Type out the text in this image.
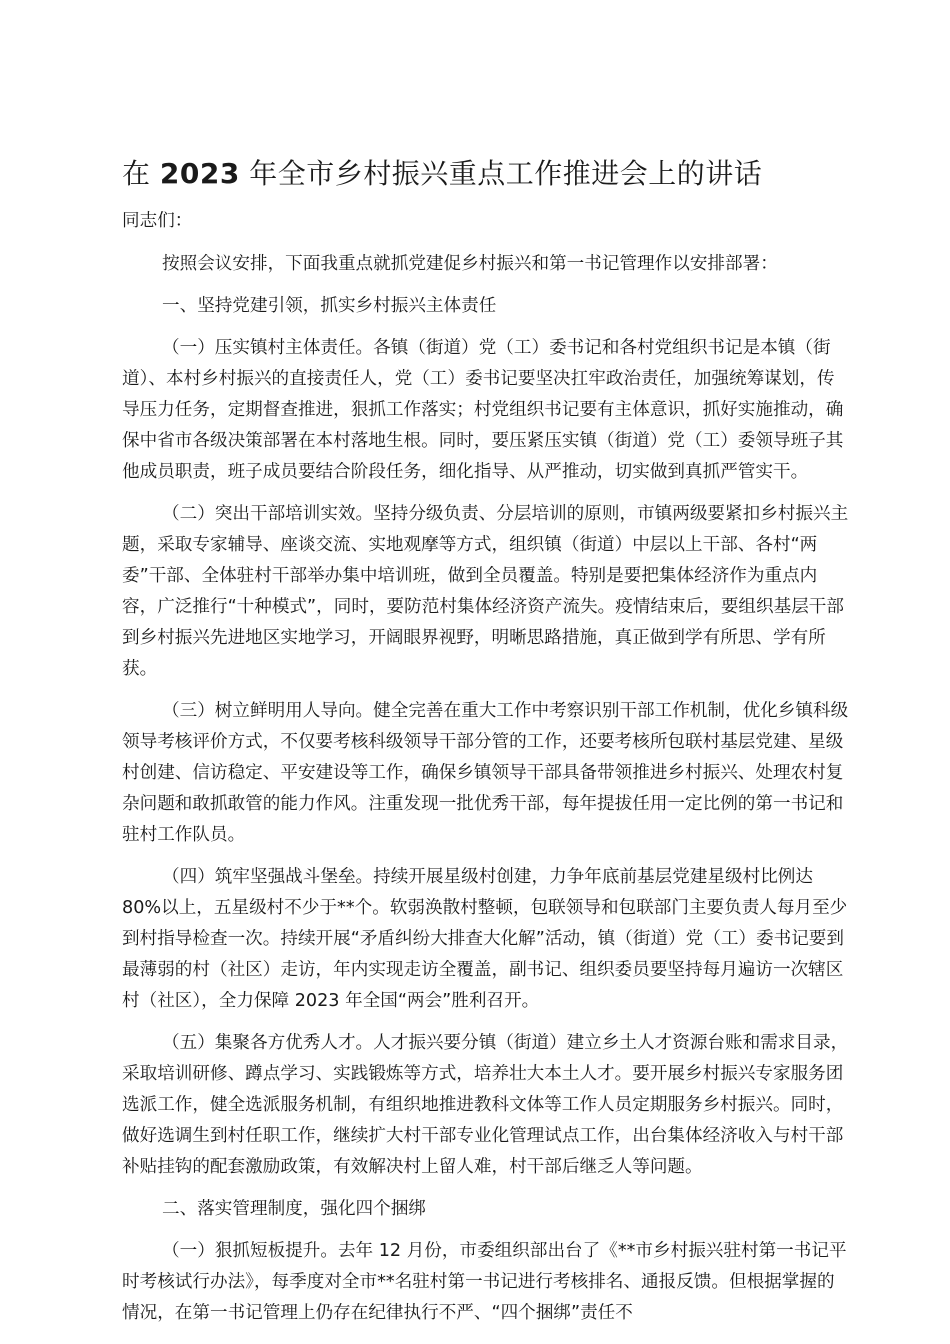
在 2023 年全市乡村振兴重点工作推进会上的讲话

同志们：

按照会议安排，下面我重点就抓党建促乡村振兴和第一书记管理作以安排部署：

一、坚持党建引领，抓实乡村振兴主体责任

（一）压实镇村主体责任。各镇（街道）党（工）委书记和各村党组织书记是本镇（街道）、本村乡村振兴的直接责任人，党（工）委书记要坚决扛牢政治责任，加强统筹谋划，传导压力任务，定期督查推进，狠抓工作落实；村党组织书记要有主体意识，抓好实施推动，确保中省市各级决策部署在本村落地生根。同时，要压紧压实镇（街道）党（工）委领导班子其他成员职责，班子成员要结合阶段任务，细化指导、从严推动，切实做到真抓严管实干。

（二）突出干部培训实效。坚持分级负责、分层培训的原则，市镇两级要紧扣乡村振兴主题，采取专家辅导、座谈交流、实地观摩等方式，组织镇（街道）中层以上干部、各村“两委”干部、全体驻村干部举办集中培训班，做到全员覆盖。特别是要把集体经济作为重点内容，广泛推行“十种模式”，同时，要防范村集体经济资产流失。疫情结束后，要组织基层干部到乡村振兴先进地区实地学习，开阔眼界视野，明晰思路措施，真正做到学有所思、学有所获。

（三）树立鲜明用人导向。健全完善在重大工作中考察识别干部工作机制，优化乡镇科级领导考核评价方式，不仅要考核科级领导干部分管的工作，还要考核所包联村基层党建、星级村创建、信访稳定、平安建设等工作，确保乡镇领导干部具备带领推进乡村振兴、处理农村复杂问题和敢抓敢管的能力作风。注重发现一批优秀干部，每年提拔任用一定比例的第一书记和驻村工作队员。

（四）筑牢坚强战斗堡垒。持续开展星级村创建，力争年底前基层党建星级村比例达 80%以上，五星级村不少于**个。软弱涣散村整顿，包联领导和包联部门主要负责人每月至少到村指导检查一次。持续开展“矛盾纠纷大排查大化解”活动，镇（街道）党（工）委书记要到最薄弱的村（社区）走访，年内实现走访全覆盖，副书记、组织委员要坚持每月遍访一次辖区村（社区），全力保障 2023 年全国“两会”胜利召开。

（五）集聚各方优秀人才。人才振兴要分镇（街道）建立乡土人才资源台账和需求目录，采取培训研修、蹲点学习、实践锻炼等方式，培养壮大本土人才。要开展乡村振兴专家服务团选派工作，健全选派服务机制，有组织地推进教科文体等工作人员定期服务乡村振兴。同时，做好选调生到村任职工作，继续扩大村干部专业化管理试点工作，出台集体经济收入与村干部补贴挂钩的配套激励政策，有效解决村上留人难，村干部后继乏人等问题。

二、落实管理制度，强化四个捆绑

（一）狠抓短板提升。去年 12 月份，市委组织部出台了《**市乡村振兴驻村第一书记平时考核试行办法》，每季度对全市**名驻村第一书记进行考核排名、通报反馈。但根据掌握的情况，在第一书记管理上仍存在纪律执行不严、“四个捆绑”责任不
